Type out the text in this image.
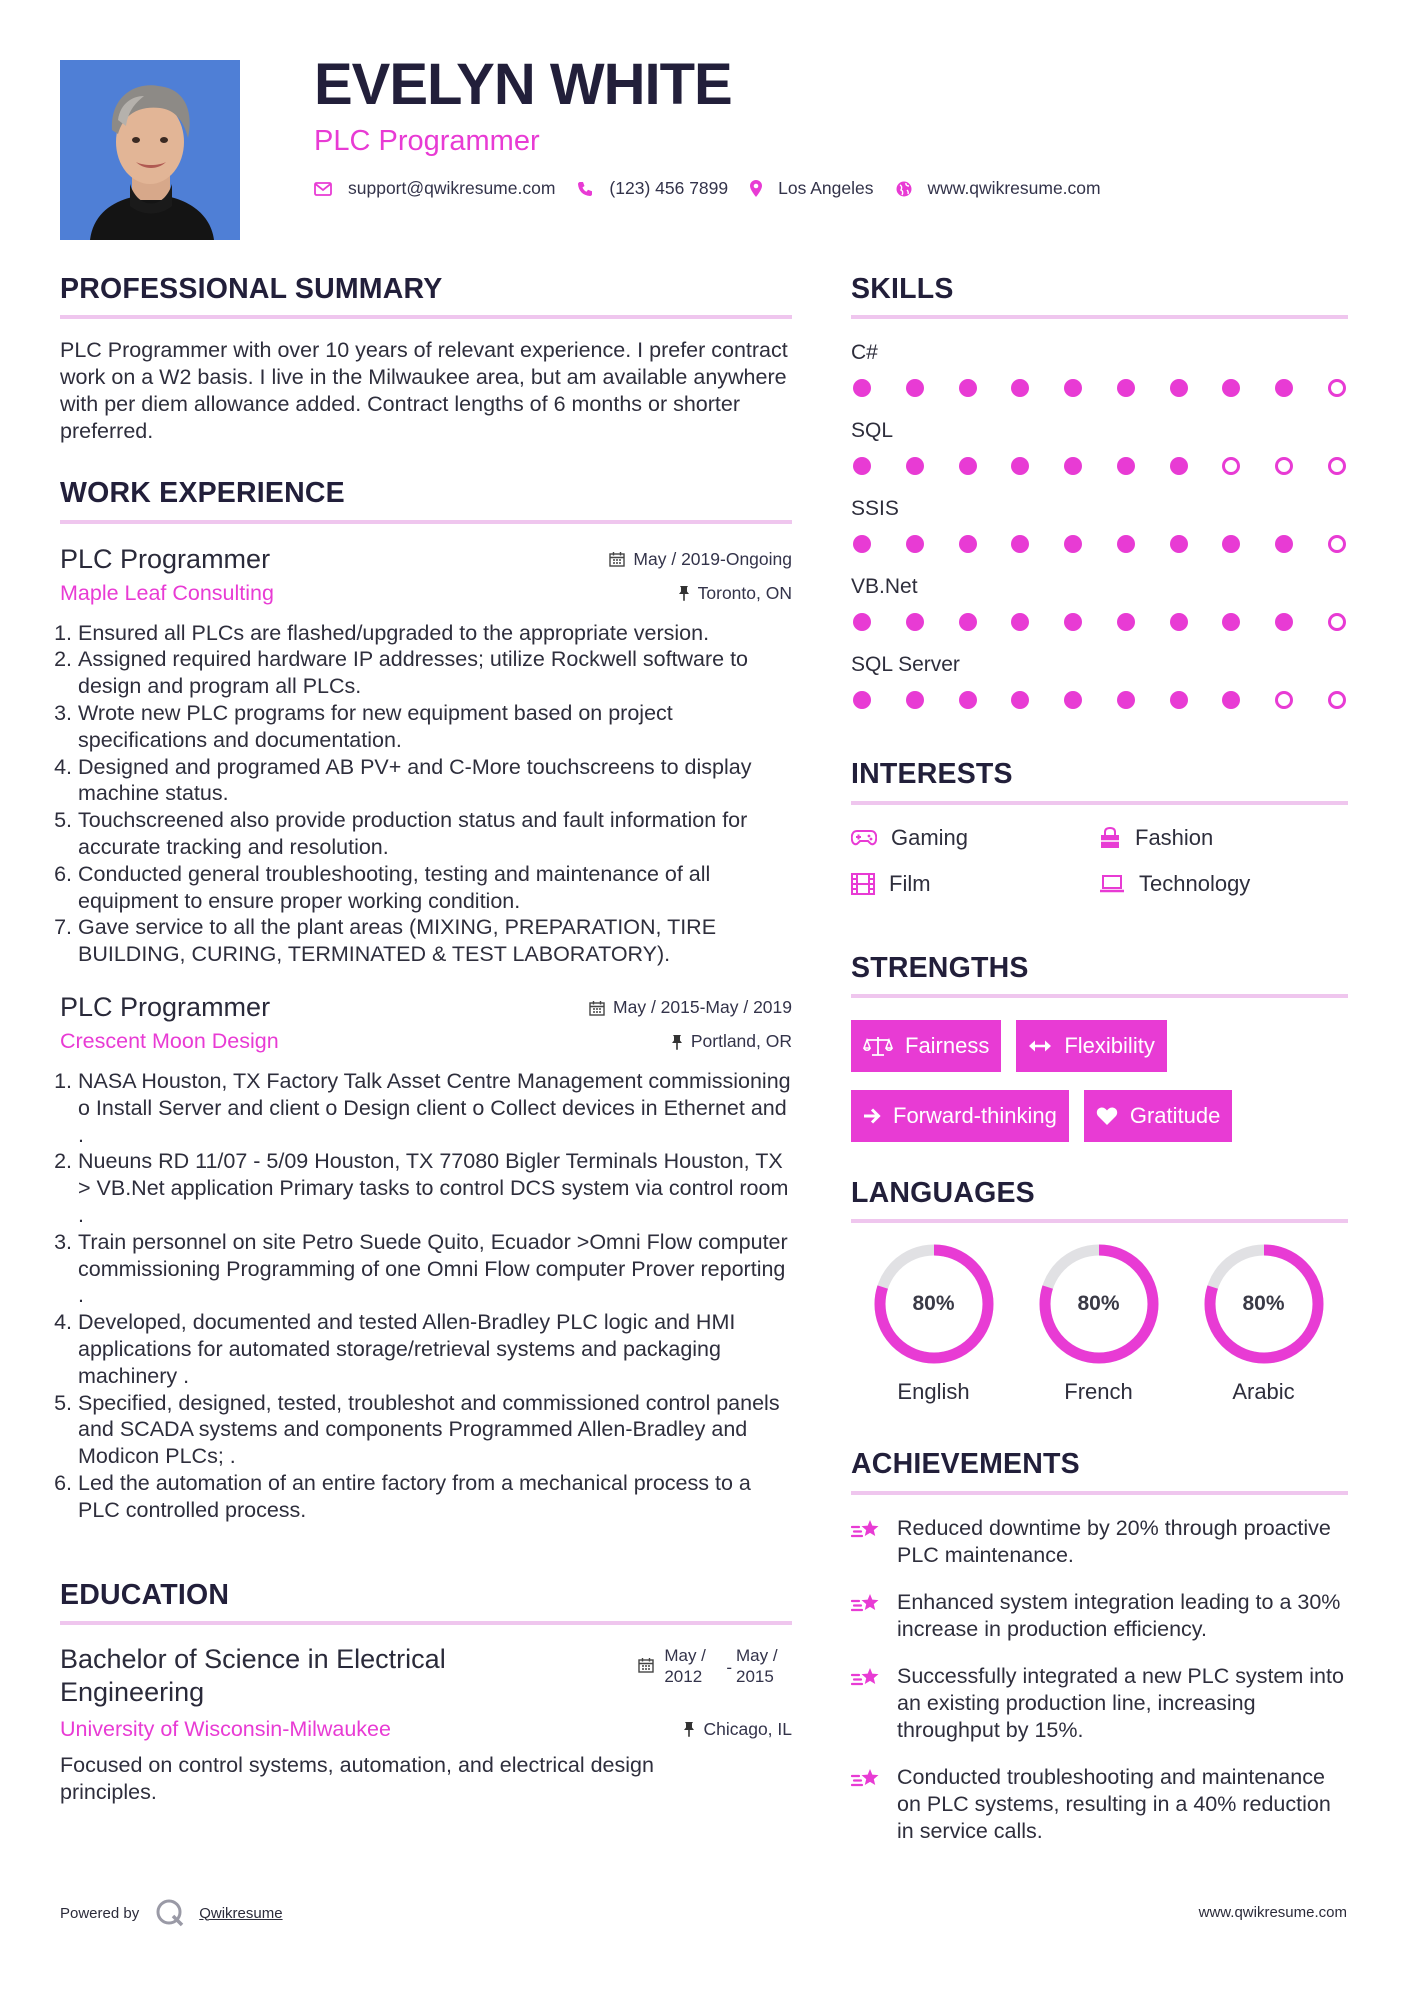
EVELYN WHITE
PLC Programmer
support@qwikresume.com	(123) 456 7899	Los Angeles	www.qwikresume.com
PROFESSIONAL SUMMARY

PLC Programmer with over 10 years of relevant experience. I prefer contract work on a W2 basis. I live in the Milwaukee area, but am available anywhere with per diem allowance added. Contract lengths of 6 months or shorter preferred.

WORK EXPERIENCE
PLC Programmer	May / 2019-Ongoing
Maple Leaf Consulting	Toronto, ON
1. Ensured all PLCs are flashed/upgraded to the appropriate version.
2. Assigned required hardware IP addresses; utilize Rockwell software to design and program all PLCs.
3. Wrote new PLC programs for new equipment based on project specifications and documentation.
4. Designed and programed AB PV+ and C-More touchscreens to display machine status.
5. Touchscreened also provide production status and fault information for accurate tracking and resolution.
6. Conducted general troubleshooting, testing and maintenance of all equipment to ensure proper working condition.
7. Gave service to all the plant areas (MIXING, PREPARATION, TIRE BUILDING, CURING, TERMINATED & TEST LABORATORY).
PLC Programmer	May / 2015-May / 2019
Crescent Moon Design	Portland, OR
1. NASA Houston, TX Factory Talk Asset Centre Management commissioning o Install Server and client o Design client o Collect devices in Ethernet and .
2. Nueuns RD 11/07 - 5/09 Houston, TX 77080 Bigler Terminals Houston, TX > VB.Net application Primary tasks to control DCS system via control room .
3. Train personnel on site Petro Suede Quito, Ecuador >Omni Flow computer commissioning Programming of one Omni Flow computer Prover reporting .
4. Developed, documented and tested Allen-Bradley PLC logic and HMI applications for automated storage/retrieval systems and packaging machinery .
5. Specified, designed, tested, troubleshot and commissioned control panels and SCADA systems and components Programmed Allen-Bradley and Modicon PLCs; .
6. Led the automation of an entire factory from a mechanical process to a PLC controlled process.
EDUCATION
Bachelor of Science in Electrical Engineering
May /
2012	-
May /
2015
University of Wisconsin-Milwaukee	Chicago, IL

Focused on control systems, automation, and electrical design principles.

SKILLS
C#
SQL
SSIS
VB.Net
SQL Server
INTERESTS
Gaming	Fashion
Film	Technology
STRENGTHS
Fairness	Flexibility
Forward-thinking	Gratitude
LANGUAGES
80%
English
80%
French
80%
Arabic
ACHIEVEMENTS
Reduced downtime by 20% through proactive PLC maintenance.
Enhanced system integration leading to a 30% increase in production efficiency.
Successfully integrated a new PLC system into an existing production line, increasing throughput by 15%.
Conducted troubleshooting and maintenance on PLC systems, resulting in a 40% reduction in service calls.
Powered by	Qwikresume	www.qwikresume.com
